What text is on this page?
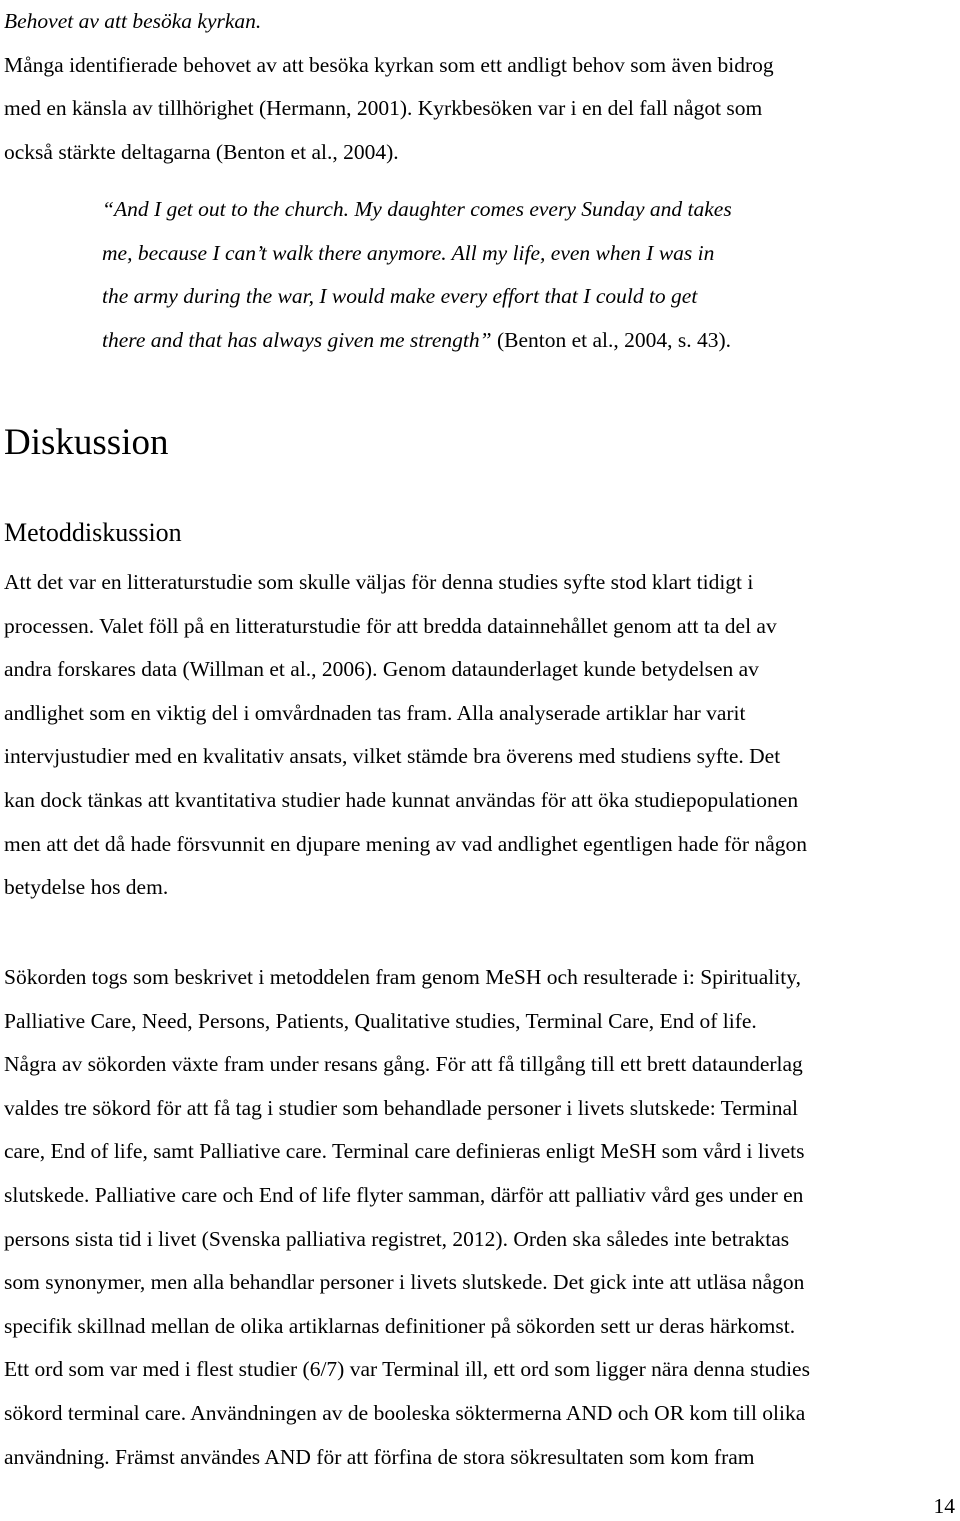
Behovet av att besöka kyrkan.
Många identifierade behovet av att besöka kyrkan som ett andligt behov som även bidrog
med en känsla av tillhörighet (Hermann, 2001). Kyrkbesöken var i en del fall något som
också stärkte deltagarna (Benton et al., 2004).
“And I get out to the church. My daughter comes every Sunday and takes
me, because I can’t walk there anymore. All my life, even when I was in
the army during the war, I would make every effort that I could to get
there and that has always given me strength” (Benton et al., 2004, s. 43).
Diskussion
Metoddiskussion
Att det var en litteraturstudie som skulle väljas för denna studies syfte stod klart tidigt i
processen. Valet föll på en litteraturstudie för att bredda datainnehållet genom att ta del av
andra forskares data (Willman et al., 2006). Genom dataunderlaget kunde betydelsen av
andlighet som en viktig del i omvårdnaden tas fram. Alla analyserade artiklar har varit
intervjustudier med en kvalitativ ansats, vilket stämde bra överens med studiens syfte. Det
kan dock tänkas att kvantitativa studier hade kunnat användas för att öka studiepopulationen
men att det då hade försvunnit en djupare mening av vad andlighet egentligen hade för någon
betydelse hos dem.
Sökorden togs som beskrivet i metoddelen fram genom MeSH och resulterade i: Spirituality,
Palliative Care, Need, Persons, Patients, Qualitative studies, Terminal Care, End of life.
Några av sökorden växte fram under resans gång. För att få tillgång till ett brett dataunderlag
valdes tre sökord för att få tag i studier som behandlade personer i livets slutskede: Terminal
care, End of life, samt Palliative care. Terminal care definieras enligt MeSH som vård i livets
slutskede. Palliative care och End of life flyter samman, därför att palliativ vård ges under en
persons sista tid i livet (Svenska palliativa registret, 2012). Orden ska således inte betraktas
som synonymer, men alla behandlar personer i livets slutskede. Det gick inte att utläsa någon
specifik skillnad mellan de olika artiklarnas definitioner på sökorden sett ur deras härkomst.
Ett ord som var med i flest studier (6/7) var Terminal ill, ett ord som ligger nära denna studies
sökord terminal care. Användningen av de booleska söktermerna AND och OR kom till olika
användning. Främst användes AND för att förfina de stora sökresultaten som kom fram
14
